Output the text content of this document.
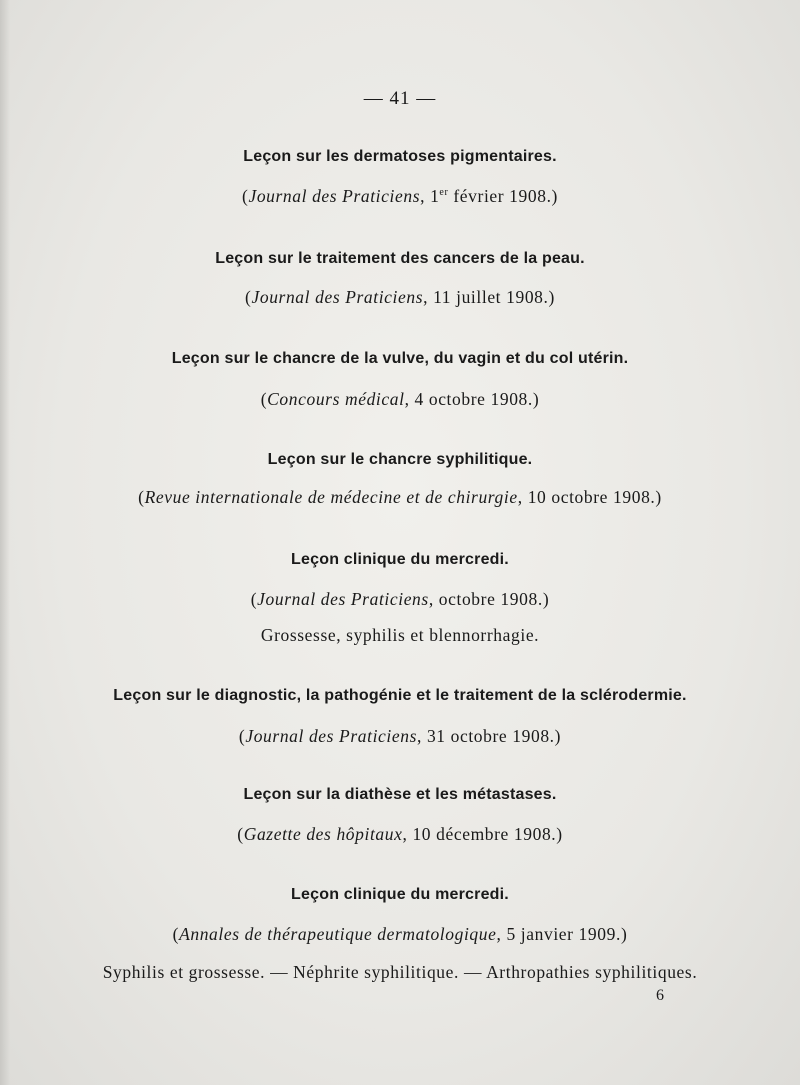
— 41 —
Leçon sur les dermatoses pigmentaires.
(Journal des Praticiens, 1er février 1908.)
Leçon sur le traitement des cancers de la peau.
(Journal des Praticiens, 11 juillet 1908.)
Leçon sur le chancre de la vulve, du vagin et du col utérin.
(Concours médical, 4 octobre 1908.)
Leçon sur le chancre syphilitique.
(Revue internationale de médecine et de chirurgie, 10 octobre 1908.)
Leçon clinique du mercredi.
(Journal des Praticiens, octobre 1908.)
Grossesse, syphilis et blennorrhagie.
Leçon sur le diagnostic, la pathogénie et le traitement de la sclérodermie.
(Journal des Praticiens, 31 octobre 1908.)
Leçon sur la diathèse et les métastases.
(Gazette des hôpitaux, 10 décembre 1908.)
Leçon clinique du mercredi.
(Annales de thérapeutique dermatologique, 5 janvier 1909.)
Syphilis et grossesse. — Néphrite syphilitique. — Arthropathies syphilitiques.
6
